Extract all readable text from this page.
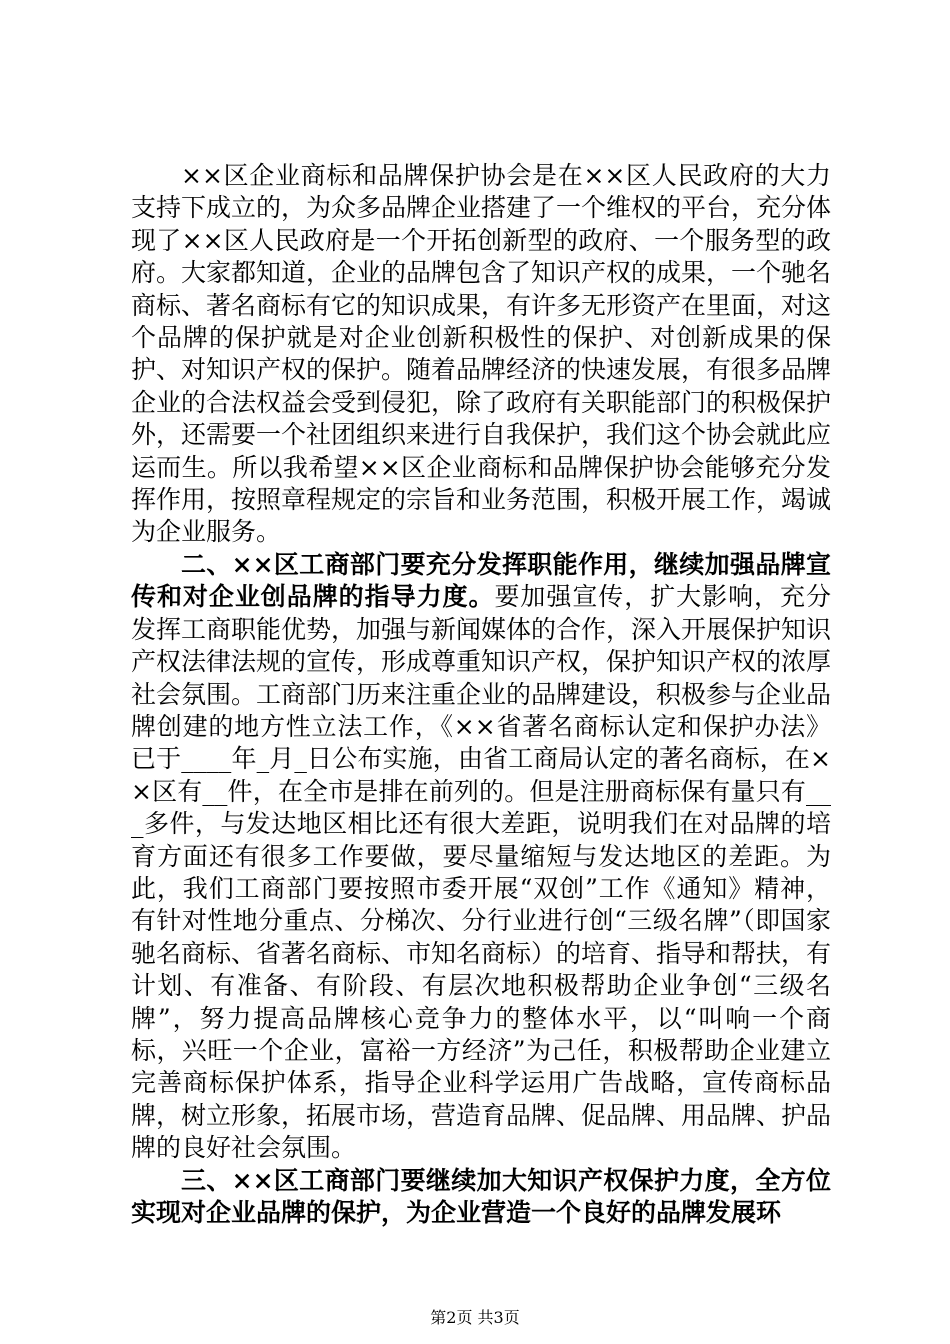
××区企业商标和品牌保护协会是在××区人民政府的大力支持下成立的，为众多品牌企业搭建了一个维权的平台，充分体现了××区人民政府是一个开拓创新型的政府、一个服务型的政府。大家都知道，企业的品牌包含了知识产权的成果，一个驰名商标、著名商标有它的知识成果，有许多无形资产在里面，对这个品牌的保护就是对企业创新积极性的保护、对创新成果的保护、对知识产权的保护。随着品牌经济的快速发展，有很多品牌企业的合法权益会受到侵犯，除了政府有关职能部门的积极保护外，还需要一个社团组织来进行自我保护，我们这个协会就此应运而生。所以我希望××区企业商标和品牌保护协会能够充分发挥作用，按照章程规定的宗旨和业务范围，积极开展工作，竭诚为企业服务。

二、××区工商部门要充分发挥职能作用，继续加强品牌宣传和对企业创品牌的指导力度。要加强宣传，扩大影响，充分发挥工商职能优势，加强与新闻媒体的合作，深入开展保护知识产权法律法规的宣传，形成尊重知识产权，保护知识产权的浓厚社会氛围。工商部门历来注重企业的品牌建设，积极参与企业品牌创建的地方性立法工作，《××省著名商标认定和保护办法》已于____年_月_日公布实施，由省工商局认定的著名商标，在××区有__件，在全市是排在前列的。但是注册商标保有量只有___多件，与发达地区相比还有很大差距，说明我们在对品牌的培育方面还有很多工作要做，要尽量缩短与发达地区的差距。为此，我们工商部门要按照市委开展“双创”工作《通知》精神，有针对性地分重点、分梯次、分行业进行创“三级名牌”（即国家驰名商标、省著名商标、市知名商标）的培育、指导和帮扶，有计划、有准备、有阶段、有层次地积极帮助企业争创“三级名牌”，努力提高品牌核心竞争力的整体水平，以“叫响一个商标，兴旺一个企业，富裕一方经济”为己任，积极帮助企业建立完善商标保护体系，指导企业科学运用广告战略，宣传商标品牌，树立形象，拓展市场，营造育品牌、促品牌、用品牌、护品牌的良好社会氛围。

三、××区工商部门要继续加大知识产权保护力度，全方位实现对企业品牌的保护，为企业营造一个良好的品牌发展环

第2页 共3页
